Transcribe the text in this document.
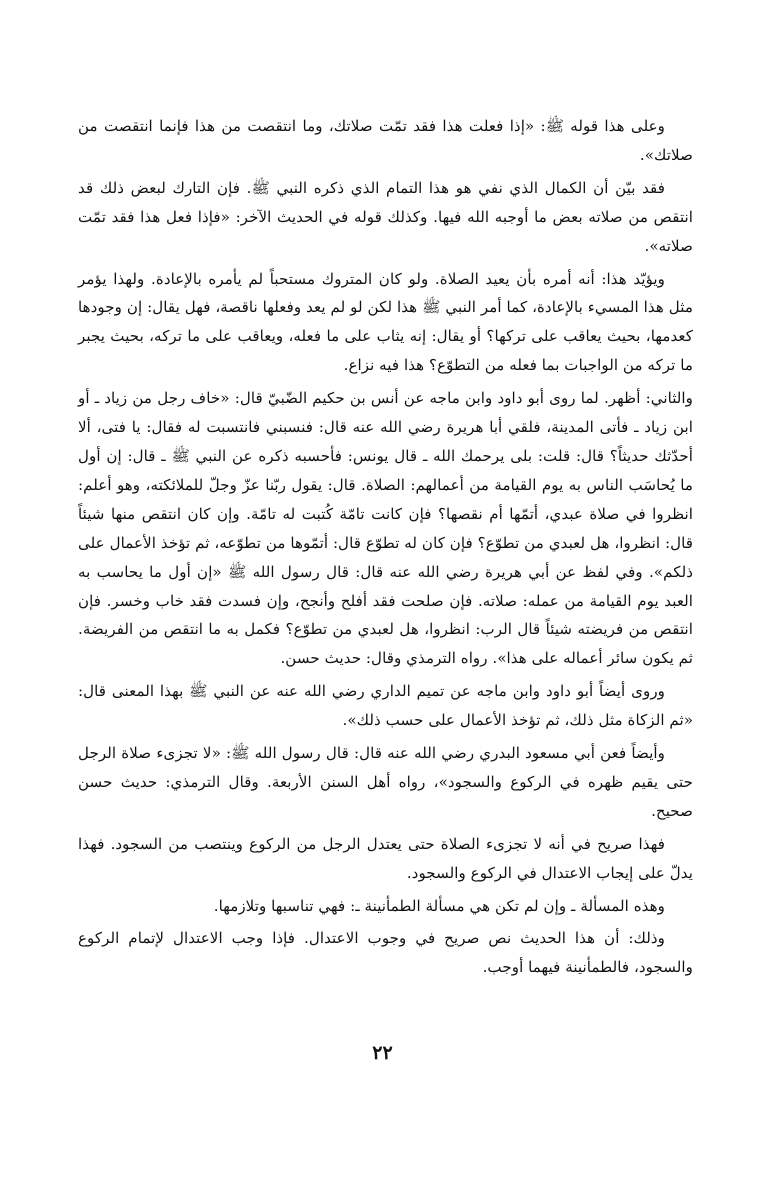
وعلى هذا قوله ﷺ: «إذا فعلت هذا فقد تمّت صلاتك، وما انتقصت من هذا فإنما انتقصت من صلاتك».

فقد بيّن أن الكمال الذي نفي هو هذا التمام الذي ذكره النبي ﷺ. فإن التارك لبعض ذلك قد انتقص من صلاته بعض ما أوجبه الله فيها. وكذلك قوله في الحديث الآخر: «فإذا فعل هذا فقد تمّت صلاته».

ويؤيّد هذا: أنه أمره بأن يعيد الصلاة. ولو كان المتروك مستحباً لم يأمره بالإعادة. ولهذا يؤمر مثل هذا المسيء بالإعادة، كما أمر النبي ﷺ هذا لكن لو لم يعد وفعلها ناقصة، فهل يقال: إن وجودها كعدمها، بحيث يعاقب على تركها؟ أو يقال: إنه يثاب على ما فعله، ويعاقب على ما تركه، بحيث يجبر ما تركه من الواجبات بما فعله من التطوّع؟ هذا فيه نزاع.

والثاني: أظهر. لما روى أبو داود وابن ماجه عن أنس بن حكيم الضّبيّ قال: «خاف رجل من زياد ـ أو ابن زياد ـ فأتى المدينة، فلقي أبا هريرة رضي الله عنه قال: فنسبني فانتسبت له فقال: يا فتى، ألا أحدّثك حديثاً؟ قال: قلت: بلى يرحمك الله ـ قال يونس: فأحسبه ذكره عن النبي ﷺ ـ قال: إن أول ما يُحاسَب الناس به يوم القيامة من أعمالهم: الصلاة. قال: يقول ربّنا عزّ وجلّ للملائكته، وهو أعلم: انظروا في صلاة عبدي، أتمّها أم نقصها؟ فإن كانت تامّة كُتبت له تامّة. وإن كان انتقص منها شيئاً قال: انظروا، هل لعبدي من تطوّع؟ فإن كان له تطوّع قال: أتمّوها من تطوّعه، ثم تؤخذ الأعمال على ذلكم». وفي لفظ عن أبي هريرة رضي الله عنه قال: قال رسول الله ﷺ «إن أول ما يحاسب به العبد يوم القيامة من عمله: صلاته. فإن صلحت فقد أفلح وأنجح، وإن فسدت فقد خاب وخسر. فإن انتقص من فريضته شيئاً قال الرب: انظروا، هل لعبدي من تطوّع؟ فكمل به ما انتقص من الفريضة. ثم يكون سائر أعماله على هذا». رواه الترمذي وقال: حديث حسن.

وروى أيضاً أبو داود وابن ماجه عن تميم الداري رضي الله عنه عن النبي ﷺ بهذا المعنى قال: «ثم الزكاة مثل ذلك، ثم تؤخذ الأعمال على حسب ذلك».

وأيضاً فعن أبي مسعود البدري رضي الله عنه قال: قال رسول الله ﷺ: «لا تجزىء صلاة الرجل حتى يقيم ظهره في الركوع والسجود»، رواه أهل السنن الأربعة. وقال الترمذي: حديث حسن صحيح.

فهذا صريح في أنه لا تجزىء الصلاة حتى يعتدل الرجل من الركوع وينتصب من السجود. فهذا يدلّ على إيجاب الاعتدال في الركوع والسجود.

وهذه المسألة ـ وإن لم تكن هي مسألة الطمأنينة ـ: فهي تناسبها وتلازمها.

وذلك: أن هذا الحديث نص صريح في وجوب الاعتدال. فإذا وجب الاعتدال لإتمام الركوع والسجود، فالطمأنينة فيهما أوجب.

٢٢
